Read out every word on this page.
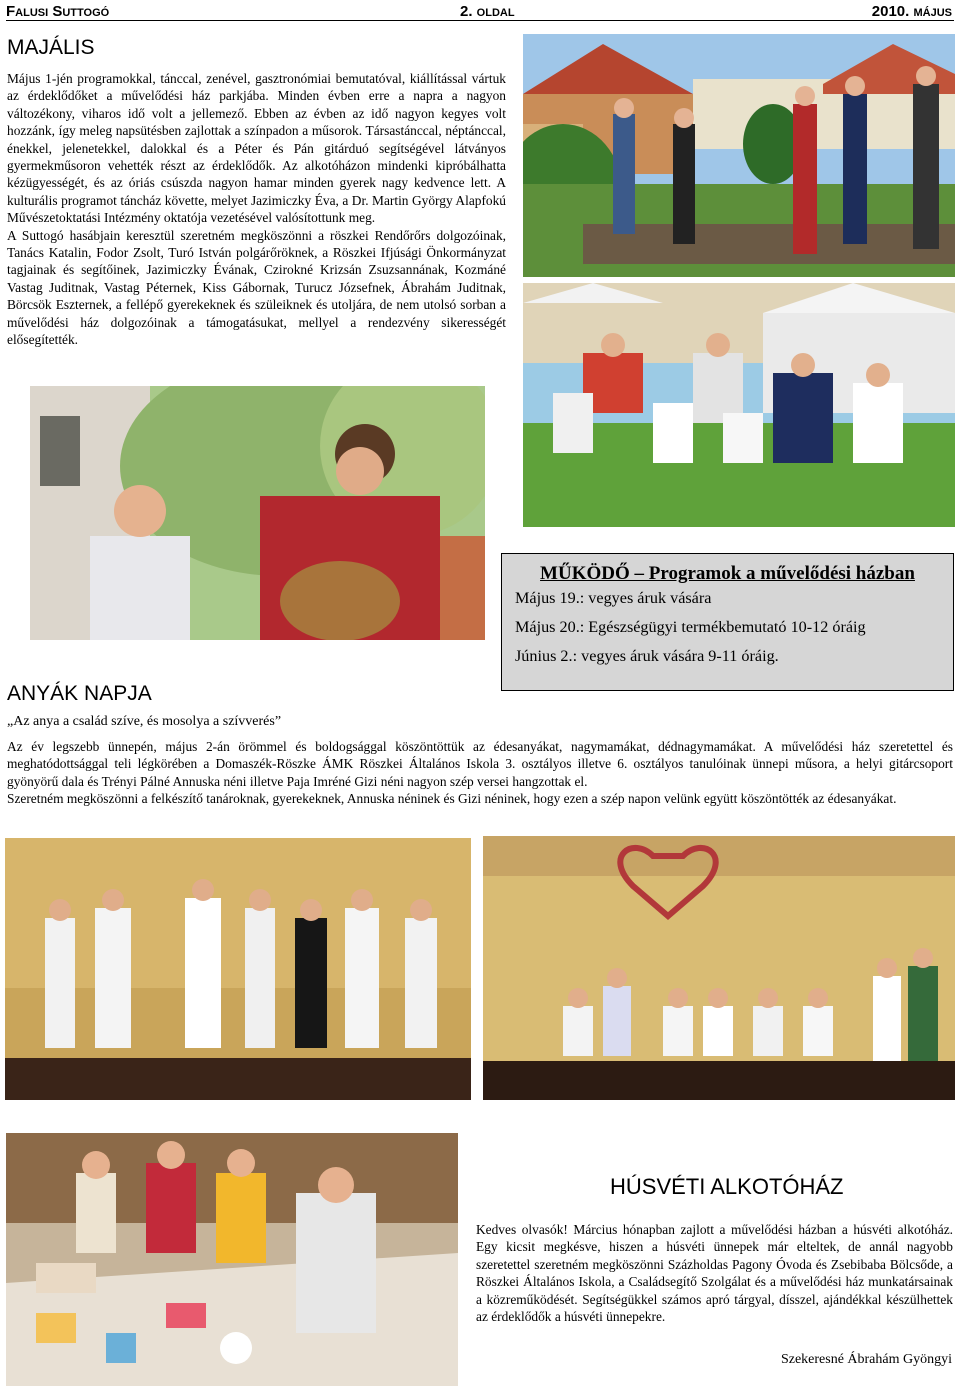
Falusi Suttogó	2. oldal	2010. május
MAJÁLIS

Május 1-jén programokkal, tánccal, zenével, gasztronómiai bemutatóval, kiállítással vártuk az érdeklődőket a művelődési ház parkjába. Minden évben erre a napra a nagyon változékony, viharos idő volt a jellemező. Ebben az évben az idő nagyon kegyes volt hozzánk, így meleg napsütésben zajlottak a színpadon a műsorok. Társastánccal, néptánccal, énekkel, jelenetekkel, dalokkal és a Péter és Pán gitárduó segítségével látványos gyermekműsoron vehették részt az érdeklődők. Az alkotóházon mindenki kipróbálhatta kézügyességét, és az óriás csúszda nagyon hamar minden gyerek nagy kedvence lett. A kulturális programot táncház követte, melyet Jazimiczky Éva, a Dr. Martin György Alapfokú Művészetoktatási Intézmény oktatója vezetésével valósítottunk meg.

A Suttogó hasábjain keresztül szeretném megköszönni a röszkei Rendőrőrs dolgozóinak, Tanács Katalin, Fodor Zsolt, Turó István polgárőröknek, a Röszkei Ifjúsági Önkormányzat tagjainak és segítőinek, Jazimiczky Évának, Czirokné Krizsán Zsuzsannának, Kozmáné Vastag Juditnak, Vastag Péternek, Kiss Gábornak, Turucz Józsefnek, Ábrahám Juditnak, Börcsök Eszternek, a fellépő gyerekeknek és szüleiknek és utoljára, de nem utolsó sorban a művelődési ház dolgozóinak a támogatásukat, mellyel a rendezvény sikerességét elősegítették.

MŰKÖDŐ – Programok a művelődési házban
Május 19.: vegyes áruk vására
Május 20.: Egészségügyi termékbemutató 10-12 óráig
Június 2.: vegyes áruk vására 9-11 óráig.
ANYÁK NAPJA
„Az anya a család szíve, és mosolya a szívverés”

Az év legszebb ünnepén, május 2-án örömmel és boldogsággal köszöntöttük az édesanyákat, nagymamákat, dédnagymamákat. A művelődési ház szeretettel és meghatódottsággal teli légkörében a Domaszék-Röszke ÁMK Röszkei Általános Iskola 3. osztályos illetve 6. osztályos tanulóinak ünnepi műsora, a helyi gitárcsoport gyönyörű dala és Trényi Pálné Annuska néni illetve Paja Imréné Gizi néni nagyon szép versei hangzottak el.

Szeretném megköszönni a felkészítő tanároknak, gyerekeknek, Annuska néninek és Gizi néninek, hogy ezen a szép napon velünk együtt köszöntötték az édesanyákat.

HÚSVÉTI ALKOTÓHÁZ

Kedves olvasók! Március hónapban zajlott a művelődési házban a húsvéti alkotóház. Egy kicsit megkésve, hiszen a húsvéti ünnepek már elteltek, de annál nagyobb szeretettel szeretném megköszönni Százholdas Pagony Óvoda és Zsebibaba Bölcsőde, a Röszkei Általános Iskola, a Családsegítő Szolgálat és a művelődési ház munkatársainak a közreműködését. Segítségükkel számos apró tárgyal, dísszel, ajándékkal készülhettek az érdeklődők a húsvéti ünnepekre.

Szekeresné Ábrahám Gyöngyi
